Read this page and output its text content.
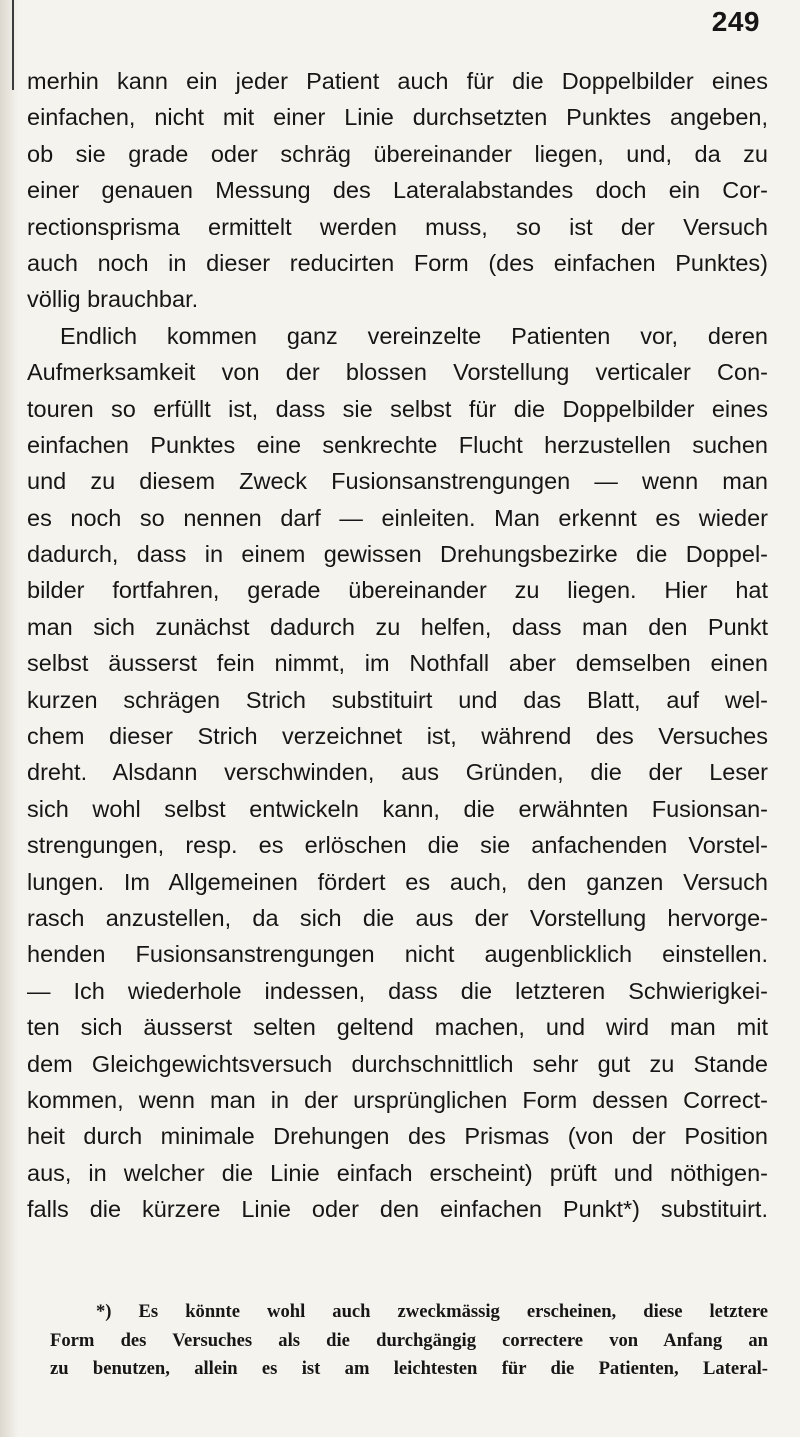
249
merhin kann ein jeder Patient auch für die Doppelbilder eines
einfachen, nicht mit einer Linie durchsetzten Punktes angeben,
ob sie grade oder schräg übereinander liegen, und, da zu
einer genauen Messung des Lateralabstandes doch ein Cor-
rectionsprisma ermittelt werden muss, so ist der Versuch
auch noch in dieser reducirten Form (des einfachen Punktes)
völlig brauchbar.
Endlich kommen ganz vereinzelte Patienten vor, deren
Aufmerksamkeit von der blossen Vorstellung verticaler Con-
touren so erfüllt ist, dass sie selbst für die Doppelbilder eines
einfachen Punktes eine senkrechte Flucht herzustellen suchen
und zu diesem Zweck Fusionsanstrengungen — wenn man
es noch so nennen darf — einleiten. Man erkennt es wieder
dadurch, dass in einem gewissen Drehungsbezirke die Doppel-
bilder fortfahren, gerade übereinander zu liegen. Hier hat
man sich zunächst dadurch zu helfen, dass man den Punkt
selbst äusserst fein nimmt, im Nothfall aber demselben einen
kurzen schrägen Strich substituirt und das Blatt, auf wel-
chem dieser Strich verzeichnet ist, während des Versuches
dreht. Alsdann verschwinden, aus Gründen, die der Leser
sich wohl selbst entwickeln kann, die erwähnten Fusionsan-
strengungen, resp. es erlöschen die sie anfachenden Vorstel-
lungen. Im Allgemeinen fördert es auch, den ganzen Versuch
rasch anzustellen, da sich die aus der Vorstellung hervorge-
henden Fusionsanstrengungen nicht augenblicklich einstellen.
— Ich wiederhole indessen, dass die letzteren Schwierigkei-
ten sich äusserst selten geltend machen, und wird man mit
dem Gleichgewichtsversuch durchschnittlich sehr gut zu Stande
kommen, wenn man in der ursprünglichen Form dessen Correct-
heit durch minimale Drehungen des Prismas (von der Position
aus, in welcher die Linie einfach erscheint) prüft und nöthigen-
falls die kürzere Linie oder den einfachen Punkt*) substituirt.
*) Es könnte wohl auch zweckmässig erscheinen, diese letztere
Form des Versuches als die durchgängig correctere von Anfang an
zu benutzen, allein es ist am leichtesten für die Patienten, Lateral-
